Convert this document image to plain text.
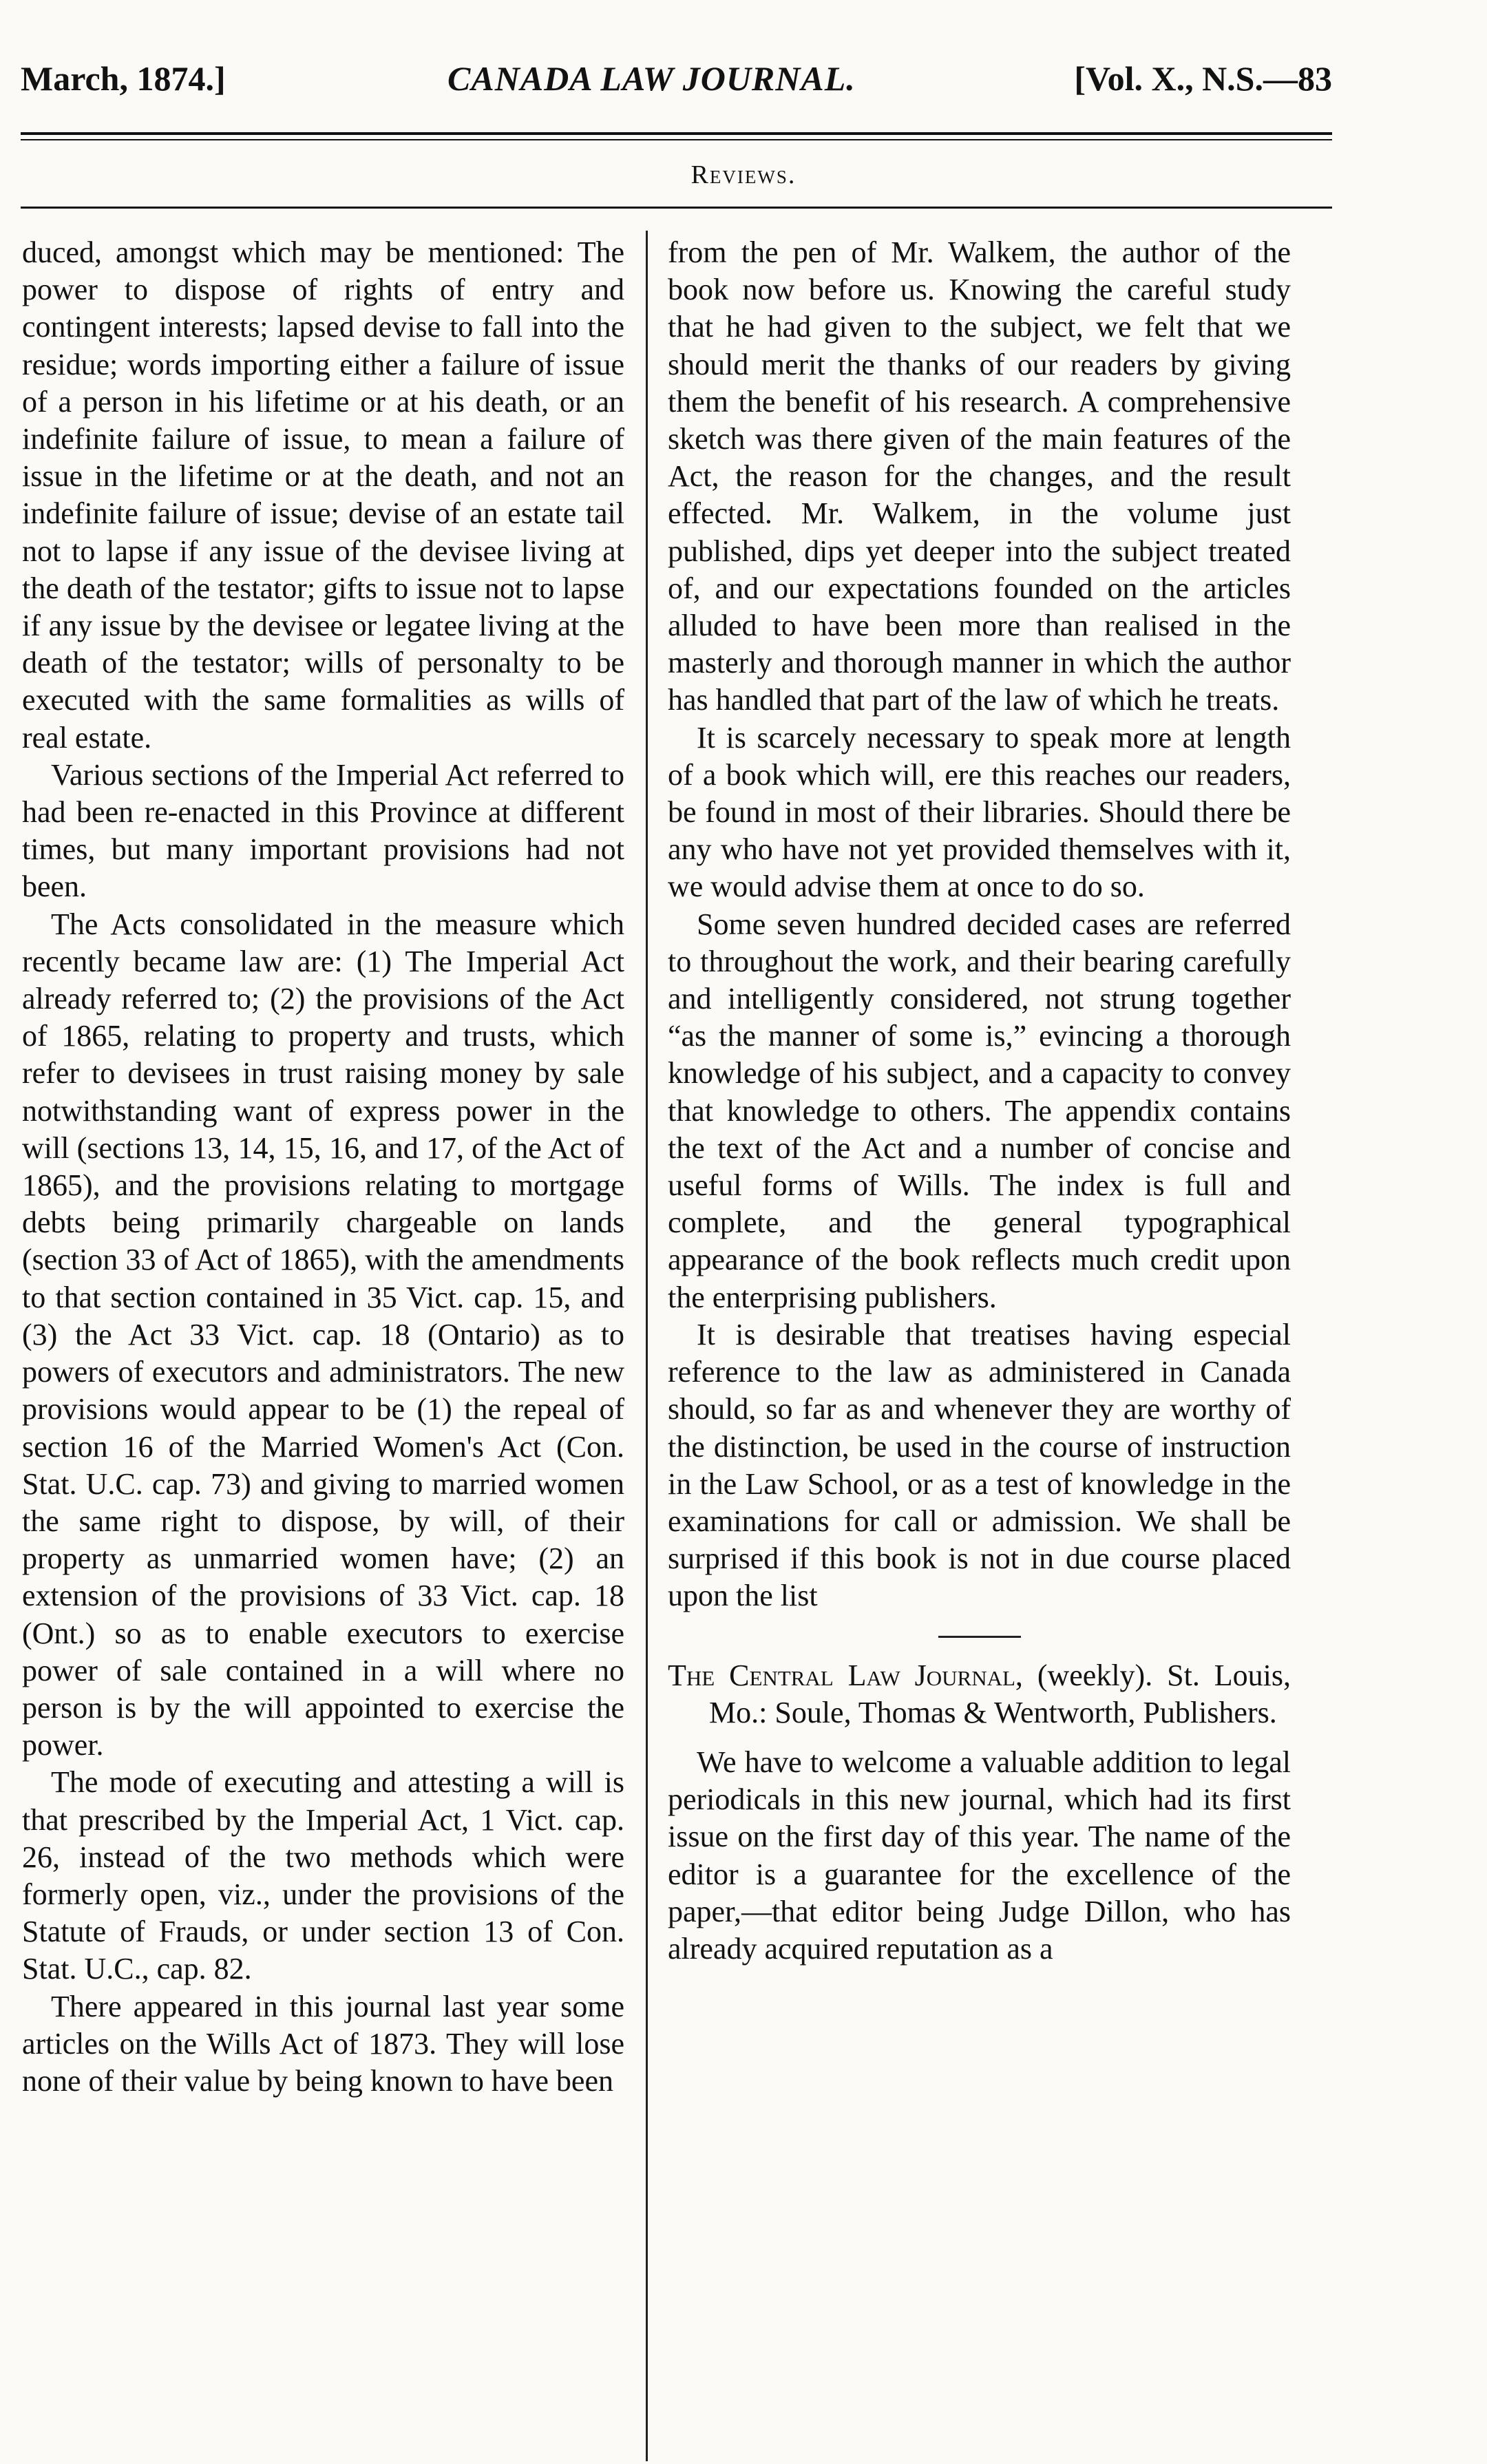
March, 1874.]	CANADA LAW JOURNAL.	[Vol. X., N.S.—83
Reviews.

duced, amongst which may be mentioned: The power to dispose of rights of entry and contingent interests; lapsed devise to fall into the residue; words importing either a failure of issue of a person in his lifetime or at his death, or an indefinite failure of issue, to mean a failure of issue in the lifetime or at the death, and not an indefinite failure of issue; devise of an estate tail not to lapse if any issue of the devisee living at the death of the testator; gifts to issue not to lapse if any issue by the devisee or legatee living at the death of the testator; wills of personalty to be executed with the same formalities as wills of real estate.

Various sections of the Imperial Act referred to had been re-enacted in this Province at different times, but many important provisions had not been.

The Acts consolidated in the measure which recently became law are: (1) The Imperial Act already referred to; (2) the provisions of the Act of 1865, relating to property and trusts, which refer to devisees in trust raising money by sale notwithstanding want of express power in the will (sections 13, 14, 15, 16, and 17, of the Act of 1865), and the provisions relating to mortgage debts being primarily chargeable on lands (section 33 of Act of 1865), with the amendments to that section contained in 35 Vict. cap. 15, and (3) the Act 33 Vict. cap. 18 (Ontario) as to powers of executors and administrators. The new provisions would appear to be (1) the repeal of section 16 of the Married Women's Act (Con. Stat. U.C. cap. 73) and giving to married women the same right to dispose, by will, of their property as unmarried women have; (2) an extension of the provisions of 33 Vict. cap. 18 (Ont.) so as to enable executors to exercise power of sale contained in a will where no person is by the will appointed to exercise the power.

The mode of executing and attesting a will is that prescribed by the Imperial Act, 1 Vict. cap. 26, instead of the two methods which were formerly open, viz., under the provisions of the Statute of Frauds, or under section 13 of Con. Stat. U.C., cap. 82.

There appeared in this journal last year some articles on the Wills Act of 1873. They will lose none of their value by being known to have been

from the pen of Mr. Walkem, the author of the book now before us. Knowing the careful study that he had given to the subject, we felt that we should merit the thanks of our readers by giving them the benefit of his research. A comprehensive sketch was there given of the main features of the Act, the reason for the changes, and the result effected. Mr. Walkem, in the volume just published, dips yet deeper into the subject treated of, and our expectations founded on the articles alluded to have been more than realised in the masterly and thorough manner in which the author has handled that part of the law of which he treats.

It is scarcely necessary to speak more at length of a book which will, ere this reaches our readers, be found in most of their libraries. Should there be any who have not yet provided themselves with it, we would advise them at once to do so.

Some seven hundred decided cases are referred to throughout the work, and their bearing carefully and intelligently considered, not strung together “as the manner of some is,” evincing a thorough knowledge of his subject, and a capacity to convey that knowledge to others. The appendix contains the text of the Act and a number of concise and useful forms of Wills. The index is full and complete, and the general typographical appearance of the book reflects much credit upon the enterprising publishers.

It is desirable that treatises having especial reference to the law as administered in Canada should, so far as and whenever they are worthy of the distinction, be used in the course of instruction in the Law School, or as a test of knowledge in the examinations for call or admission. We shall be surprised if this book is not in due course placed upon the list

The Central Law Journal, (weekly). St. Louis, Mo.: Soule, Thomas & Wentworth, Publishers.

We have to welcome a valuable addition to legal periodicals in this new journal, which had its first issue on the first day of this year. The name of the editor is a guarantee for the excellence of the paper,—that editor being Judge Dillon, who has already acquired reputation as a
